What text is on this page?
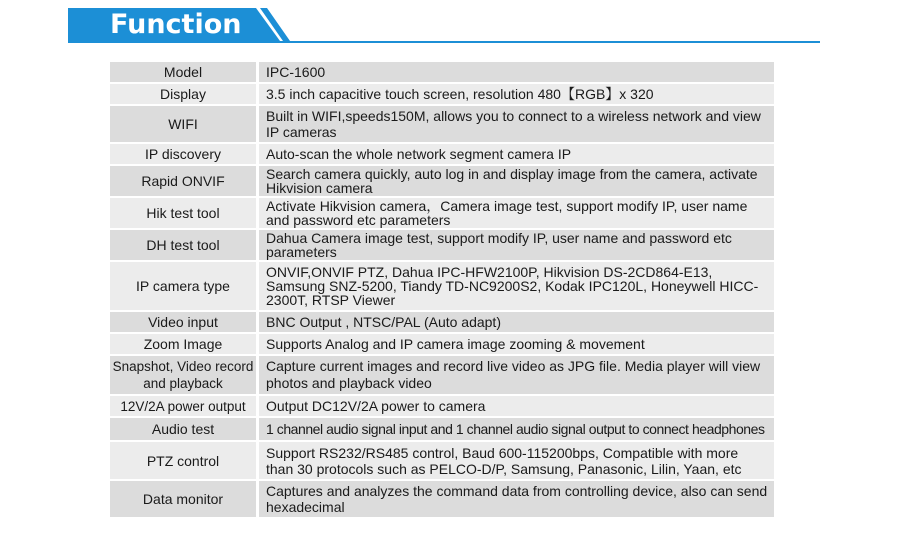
Function
Model	IPC-1600
Display	3.5 inch capacitive touch screen, resolution 480【RGB】x 320
WIFI	Built in WIFI,speeds150M, allows you to connect to a wireless network and view IP cameras
IP discovery	Auto-scan the whole network segment camera IP
Rapid ONVIF	Search camera quickly, auto log in and display image from the camera, activate Hikvision camera
Hik test tool	Activate Hikvision camera，Camera image test, support modify IP, user name and password etc parameters
DH test tool	Dahua Camera image test, support modify IP, user name and password etc parameters
IP camera type	ONVIF,ONVIF PTZ, Dahua IPC-HFW2100P, Hikvision DS-2CD864-E13, Samsung SNZ-5200, Tiandy TD-NC9200S2, Kodak IPC120L, Honeywell HICC-2300T, RTSP Viewer
Video input	BNC Output , NTSC/PAL (Auto adapt)
Zoom Image	Supports Analog and IP camera image zooming & movement
Snapshot, Video record and playback	Capture current images and record live video as JPG file. Media player will view photos and playback video
12V/2A power output	Output DC12V/2A power to camera
Audio test	1 channel audio signal input and 1 channel audio signal output to connect headphones
PTZ control	Support RS232/RS485 control, Baud 600-115200bps, Compatible with more than 30 protocols such as PELCO-D/P, Samsung, Panasonic, Lilin, Yaan, etc
Data monitor	Captures and analyzes the command data from controlling device, also can send hexadecimal
